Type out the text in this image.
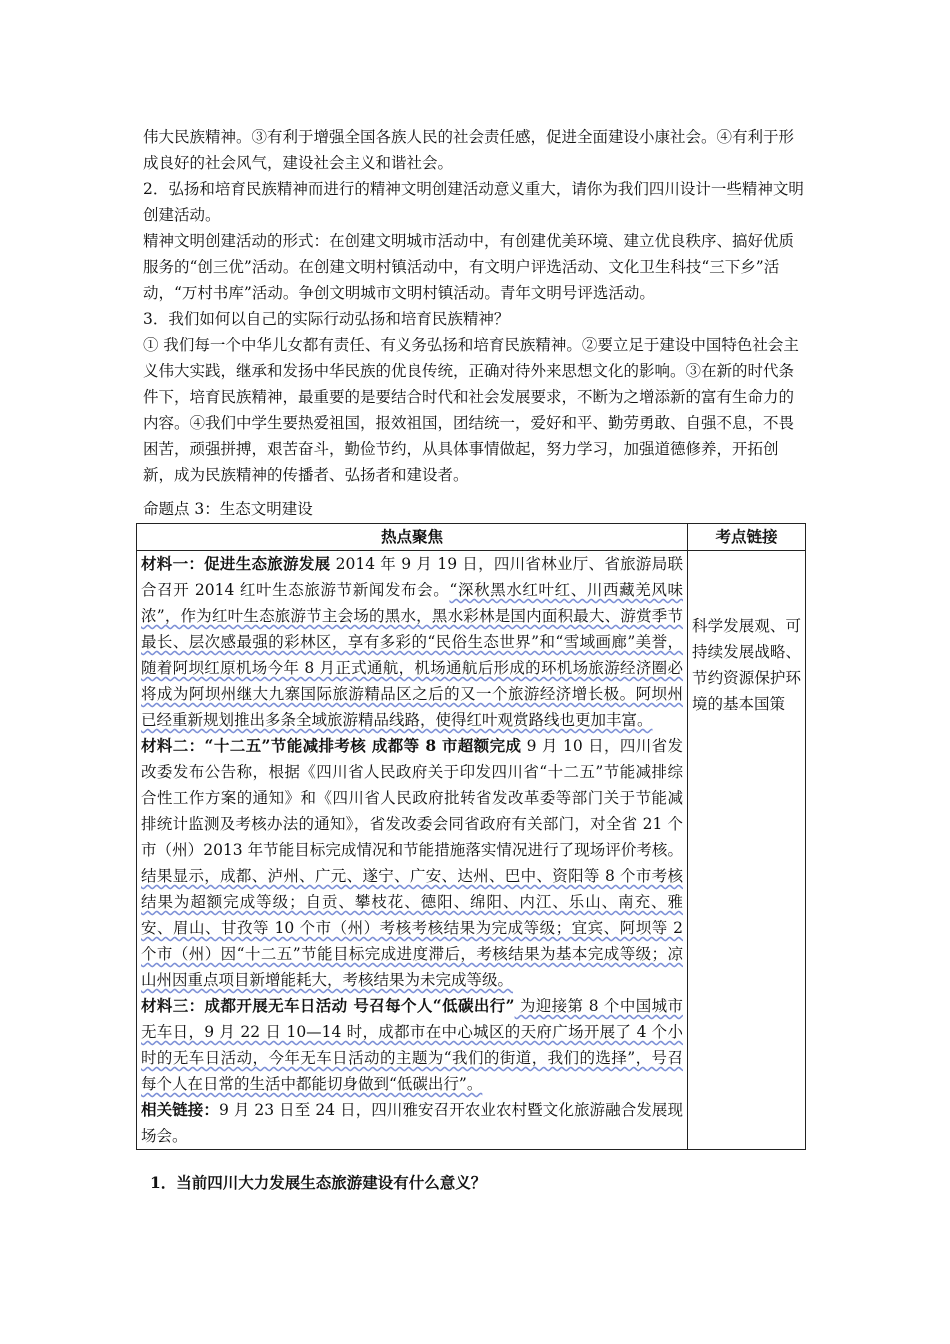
伟大民族精神。③有利于增强全国各族人民的社会责任感，促进全面建设小康社会。④有利于形成良好的社会风气，建设社会主义和谐社会。

2．弘扬和培育民族精神而进行的精神文明创建活动意义重大，请你为我们四川设计一些精神文明创建活动。

精神文明创建活动的形式：在创建文明城市活动中，有创建优美环境、建立优良秩序、搞好优质服务的“创三优”活动。在创建文明村镇活动中，有文明户评选活动、文化卫生科技“三下乡”活动，“万村书库”活动。争创文明城市文明村镇活动。青年文明号评选活动。

3．我们如何以自己的实际行动弘扬和培育民族精神？

① 我们每一个中华儿女都有责任、有义务弘扬和培育民族精神。②要立足于建设中国特色社会主义伟大实践，继承和发扬中华民族的优良传统，正确对待外来思想文化的影响。③在新的时代条件下，培育民族精神，最重要的是要结合时代和社会发展要求，不断为之增添新的富有生命力的内容。④我们中学生要热爱祖国，报效祖国，团结统一，爱好和平、勤劳勇敢、自强不息，不畏困苦，顽强拼搏，艰苦奋斗，勤俭节约，从具体事情做起，努力学习，加强道德修养，开拓创新，成为民族精神的传播者、弘扬者和建设者。

命题点 3：生态文明建设
热点聚焦	考点链接

材料一：促进生态旅游发展 2014 年 9 月 19 日，四川省林业厅、省旅游局联合召开 2014 红叶生态旅游节新闻发布会。“深秋黑水红叶红、川西藏羌风味浓”，作为红叶生态旅游节主会场的黑水，黑水彩林是国内面积最大、游赏季节最长、层次感最强的彩林区，享有多彩的“民俗生态世界”和“雪域画廊”美誉，随着阿坝红原机场今年 8 月正式通航，机场通航后形成的环机场旅游经济圈必将成为阿坝州继大九寨国际旅游精品区之后的又一个旅游经济增长极。阿坝州已经重新规划推出多条全域旅游精品线路，使得红叶观赏路线也更加丰富。
材料二：“十二五”节能减排考核 成都等 8 市超额完成 9 月 10 日，四川省发改委发布公告称，根据《四川省人民政府关于印发四川省“十二五”节能减排综合性工作方案的通知》和《四川省人民政府批转省发改革委等部门关于节能减排统计监测及考核办法的通知》，省发改委会同省政府有关部门，对全省 21 个市（州）2013 年节能目标完成情况和节能措施落实情况进行了现场评价考核。结果显示，成都、泸州、广元、遂宁、广安、达州、巴中、资阳等 8 个市考核结果为超额完成等级；自贡、攀枝花、德阳、绵阳、内江、乐山、南充、雅安、眉山、甘孜等 10 个市（州）考核考核结果为完成等级；宜宾、阿坝等 2 个市（州）因“十二五”节能目标完成进度滞后，考核结果为基本完成等级；凉山州因重点项目新增能耗大，考核结果为未完成等级。
材料三：成都开展无车日活动 号召每个人“低碳出行” 为迎接第 8 个中国城市无车日，9 月 22 日 10—14 时，成都市在中心城区的天府广场开展了 4 个小时的无车日活动，今年无车日活动的主题为“我们的街道，我们的选择”，号召每个人在日常的生活中都能切身做到“低碳出行”。
相关链接：9 月 23 日至 24 日，四川雅安召开农业农村暨文化旅游融合发展现场会。	科学发展观、可持续发展战略、节约资源保护环境的基本国策
1．当前四川大力发展生态旅游建设有什么意义？
